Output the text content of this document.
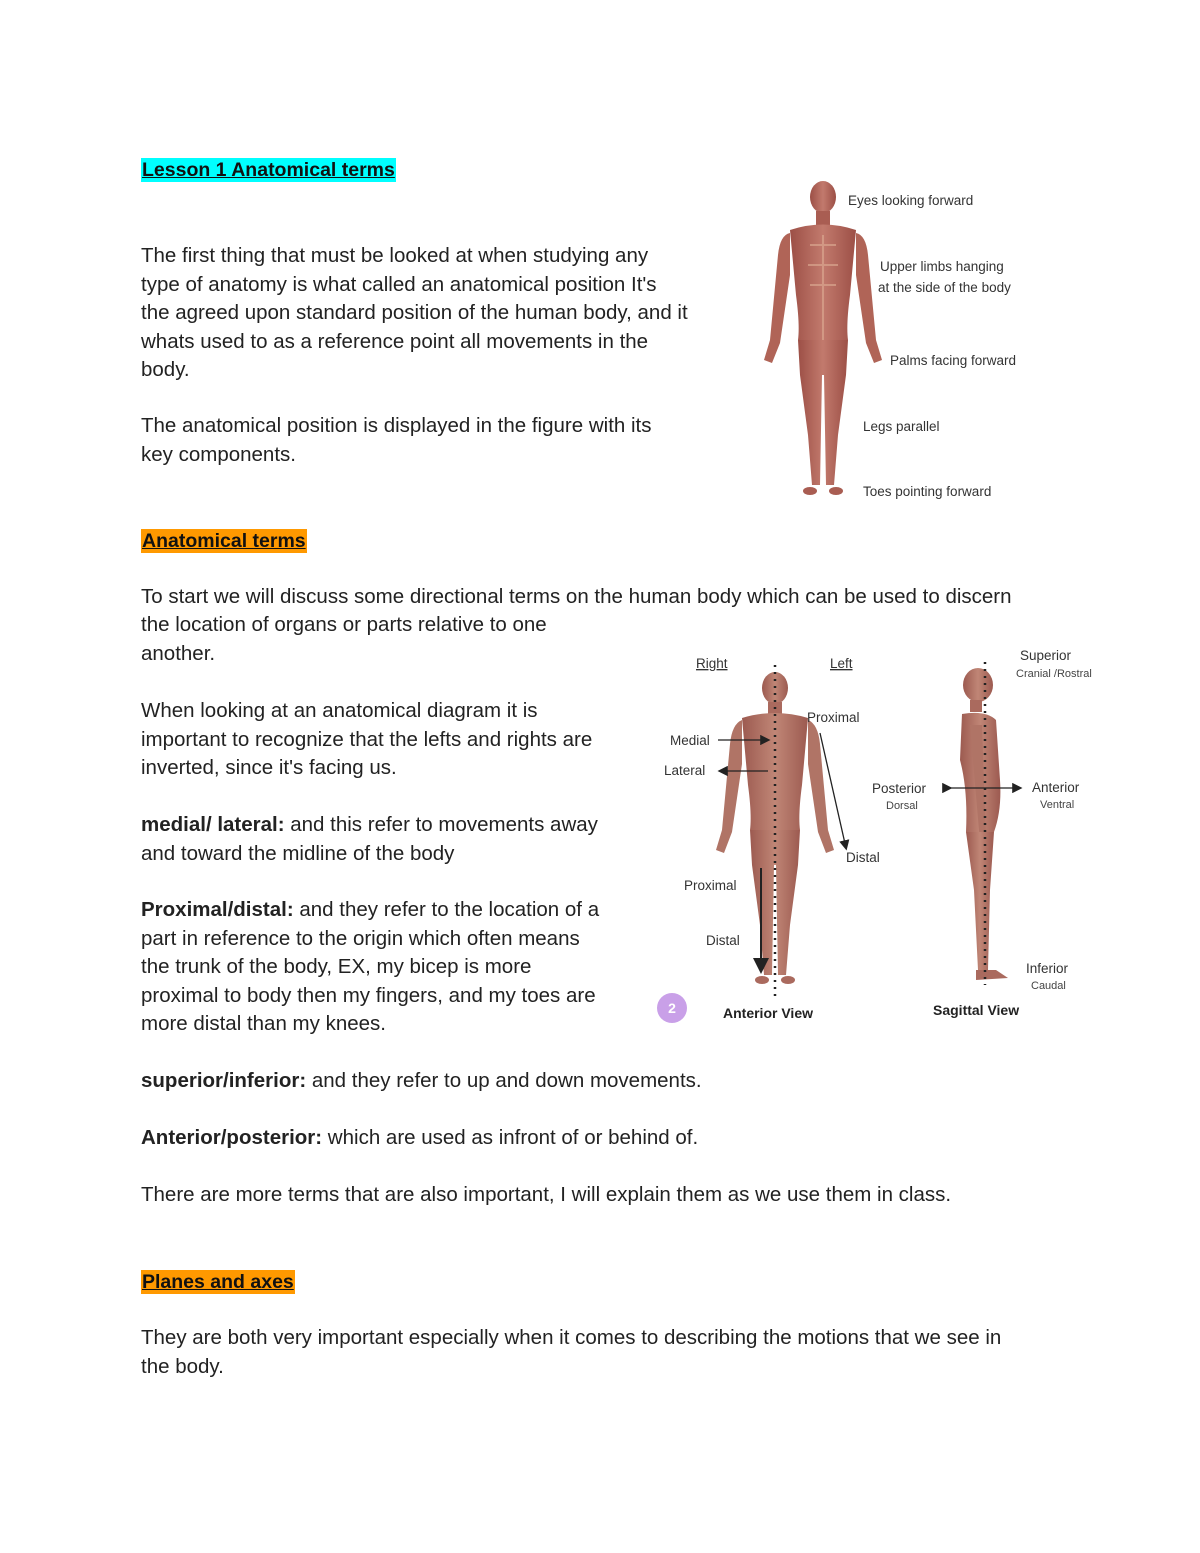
Lesson 1 Anatomical terms
The first thing that must be looked at when studying any
type of anatomy is what called an anatomical position It's
the agreed upon standard position of the human body, and it
whats used to as a reference point all movements in the
body.
The anatomical position is displayed in the figure with its
key components.
Eyes looking forward
Upper limbs hanging
at the side of the body
Palms facing forward
Legs parallel
Toes pointing forward
Anatomical terms
To start we will discuss some directional terms on the human body which can be used to discern
the location of organs or parts relative to one
another.
When looking at an anatomical diagram it is
important to recognize that the lefts and rights are
inverted, since it's facing us.
medial/ lateral: and this refer to movements away
and toward the midline of the body
Proximal/distal: and they refer to the location of a
part in reference to the origin which often means
the trunk of the body, EX, my bicep is more
proximal to body then my fingers, and my toes are
more distal than my knees.
superior/inferior: and they refer to up and down movements.
Anterior/posterior: which are used as infront of or behind of.
There are more terms that are also important, I will explain them as we use them in class.
Right	Left
Medial
Lateral
Proximal
Distal
Proximal
Distal
2	Anterior View
Superior
Cranial /Rostral
Posterior
Dorsal
Anterior
Ventral
Inferior
Caudal
Sagittal View
Planes and axes
They are both very important especially when it comes to describing the motions that we see in
the body.
